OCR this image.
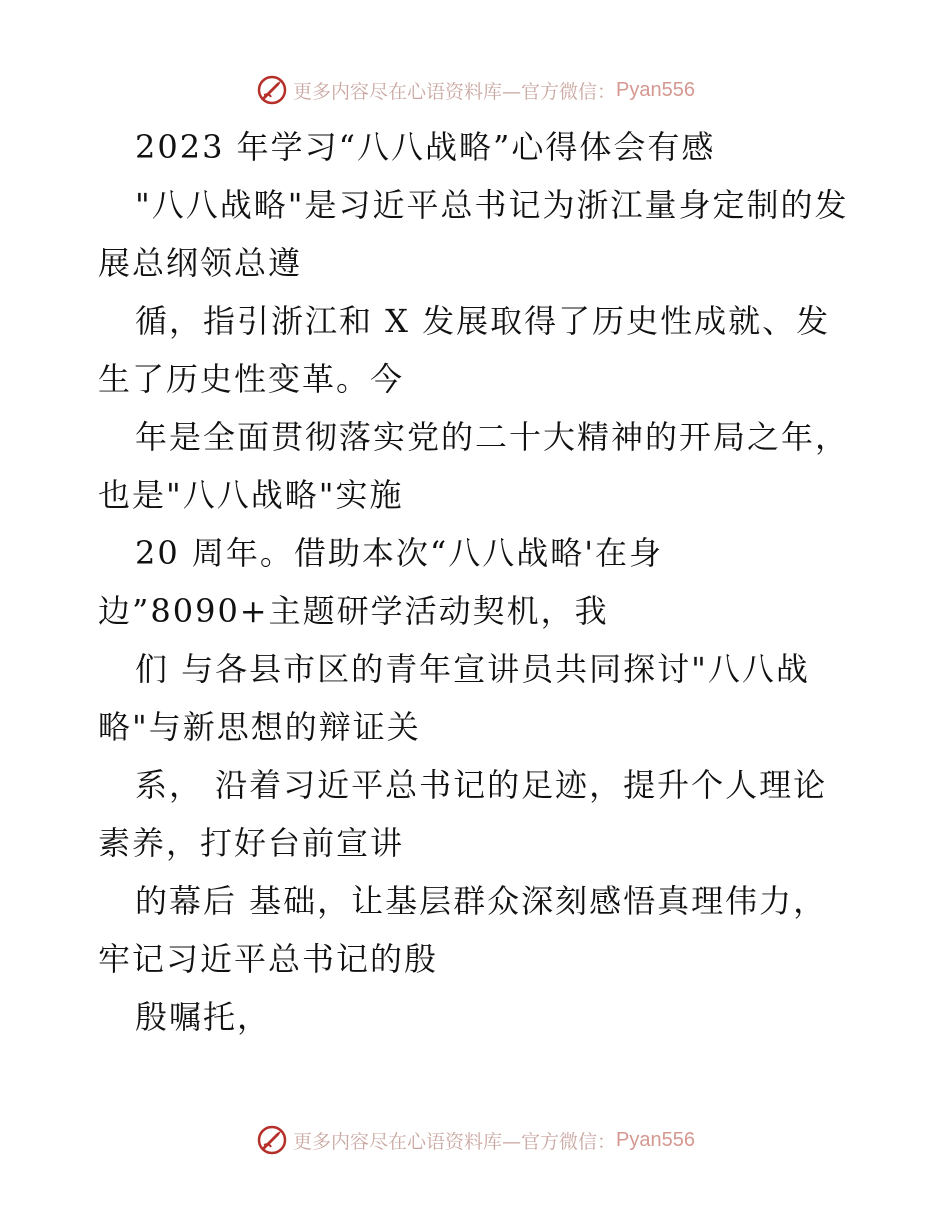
更多内容尽在心语资料库—官方微信： Pyan556
2023 年学习“八八战略”心得体会有感
"八八战略"是习近平总书记为浙江量身定制的发
展总纲领总遵
循，指引浙江和 X 发展取得了历史性成就、发
生了历史性变革。今
年是全面贯彻落实党的二十大精神的开局之年，
也是"八八战略"实施
20 周年。借助本次“八八战略'在身
边”8090+主题研学活动契机，我
们 与各县市区的青年宣讲员共同探讨"八八战
略"与新思想的辩证关
系， 沿着习近平总书记的足迹，提升个人理论
素养，打好台前宣讲
的幕后 基础，让基层群众深刻感悟真理伟力，
牢记习近平总书记的殷
殷嘱托，
更多内容尽在心语资料库—官方微信： Pyan556
